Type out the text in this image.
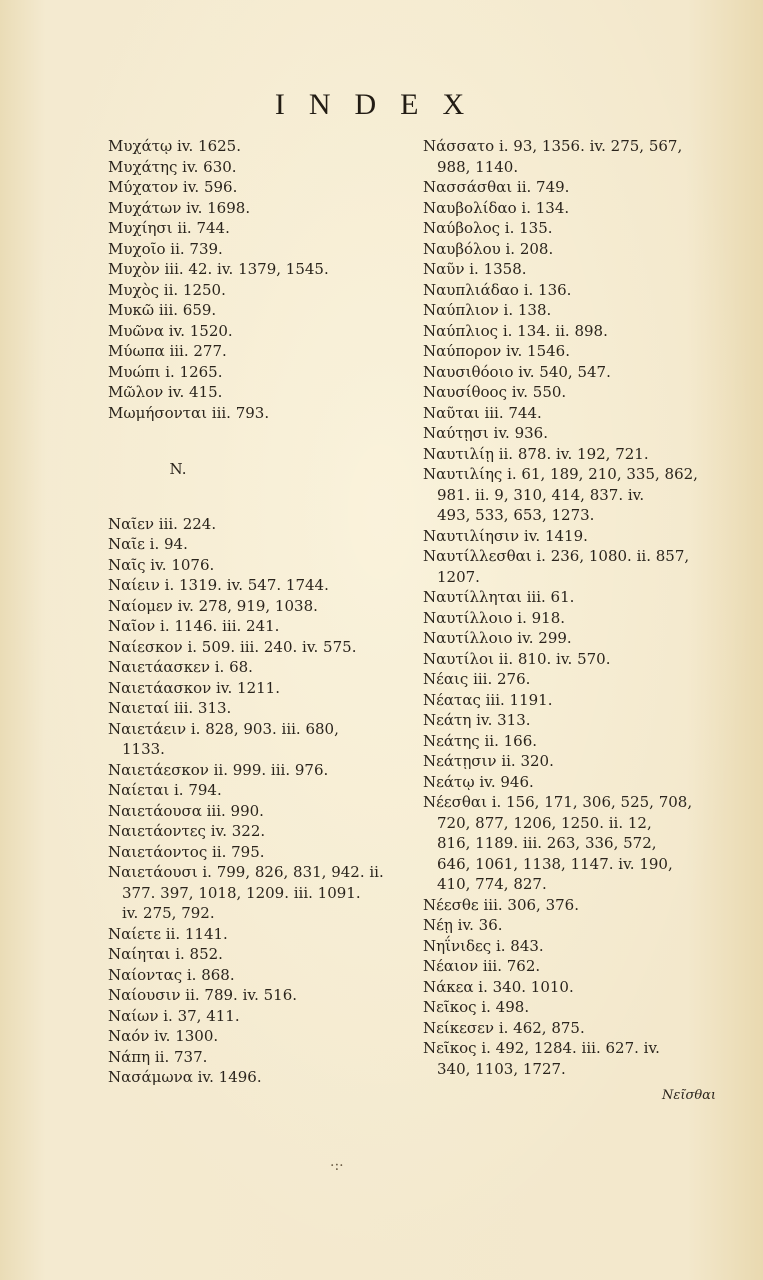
INDEX
Μυχάτῳ iv. 1625.
Μυχάτης iv. 630.
Μύχατον iv. 596.
Μυχάτων iv. 1698.
Μυχίησι ii. 744.
Μυχοῖο ii. 739.
Μυχὸν iii. 42. iv. 1379, 1545.
Μυχὸς ii. 1250.
Μυκῶ iii. 659.
Μυῶνα iv. 1520.
Μύωπα iii. 277.
Μυώπι i. 1265.
Μῶλον iv. 415.
Μωμήσονται iii. 793.
N.
Ναῖεν iii. 224.
Ναῖε i. 94.
Ναῖς iv. 1076.
Ναίειν i. 1319. iv. 547. 1744.
Ναίομεν iv. 278, 919, 1038.
Ναῖον i. 1146. iii. 241.
Ναίεσκον i. 509. iii. 240. iv. 575.
Ναιετάασκεν i. 68.
Ναιετάασκον iv. 1211.
Ναιεταί iii. 313.
Ναιετάειν i. 828, 903. iii. 680,
1133.
Ναιετάεσκον ii. 999. iii. 976.
Ναίεται i. 794.
Ναιετάουσα iii. 990.
Ναιετάοντες iv. 322.
Ναιετάοντος ii. 795.
Ναιετάουσι i. 799, 826, 831, 942. ii.
377. 397, 1018, 1209. iii. 1091.
iv. 275, 792.
Ναίετε ii. 1141.
Ναίηται i. 852.
Ναίοντας i. 868.
Ναίουσιν ii. 789. iv. 516.
Ναίων i. 37, 411.
Ναόν iv. 1300.
Νάπη ii. 737.
Νασάμωνα iv. 1496.
Νάσσατο i. 93, 1356. iv. 275, 567,
988, 1140.
Νασσάσθαι ii. 749.
Ναυβολίδαο i. 134.
Ναύβολος i. 135.
Ναυβόλου i. 208.
Ναῦν i. 1358.
Ναυπλιάδαο i. 136.
Ναύπλιον i. 138.
Ναύπλιος i. 134. ii. 898.
Ναύπορον iv. 1546.
Ναυσιθόοιο iv. 540, 547.
Ναυσίθοος iv. 550.
Ναῦται iii. 744.
Ναύτῃσι iv. 936.
Ναυτιλίῃ ii. 878. iv. 192, 721.
Ναυτιλίης i. 61, 189, 210, 335, 862,
981. ii. 9, 310, 414, 837. iv.
493, 533, 653, 1273.
Ναυτιλίησιν iv. 1419.
Ναυτίλλεσθαι i. 236, 1080. ii. 857,
1207.
Ναυτίλληται iii. 61.
Ναυτίλλοιο i. 918.
Ναυτίλλοιο iv. 299.
Ναυτίλοι ii. 810. iv. 570.
Νέαις iii. 276.
Νέατας iii. 1191.
Νεάτη iv. 313.
Νεάτης ii. 166.
Νεάτῃσιν ii. 320.
Νεάτῳ iv. 946.
Νέεσθαι i. 156, 171, 306, 525, 708,
720, 877, 1206, 1250. ii. 12,
816, 1189. iii. 263, 336, 572,
646, 1061, 1138, 1147. iv. 190,
410, 774, 827.
Νέεσθε iii. 306, 376.
Νέῃ iv. 36.
Νηΐνιδες i. 843.
Νέαιον iii. 762.
Νάκεα i. 340. 1010.
Νεῖκος i. 498.
Νείκεσεν i. 462, 875.
Νεῖκος i. 492, 1284. iii. 627. iv.
340, 1103, 1727.
Νεῖσθαι
·:·
